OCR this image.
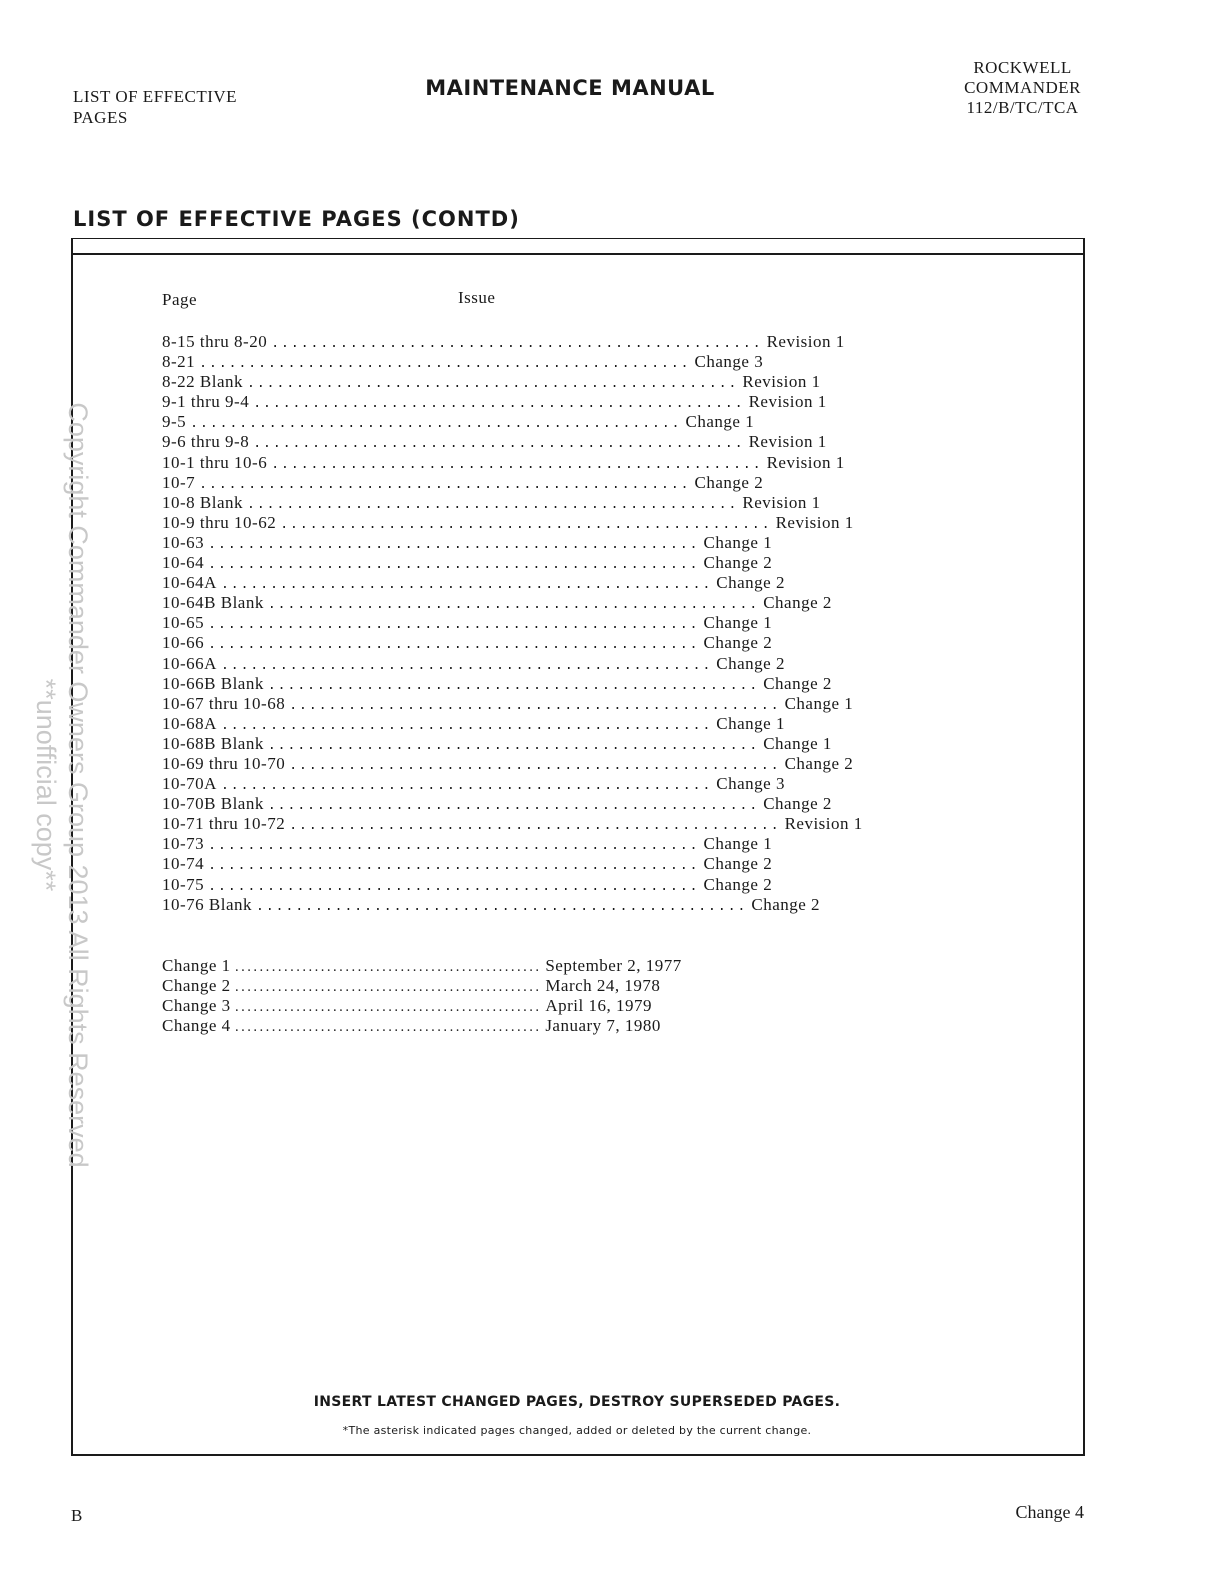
LIST OF EFFECTIVE
PAGES
MAINTENANCE MANUAL
ROCKWELL
COMMANDER
112/B/TC/TCA
LIST OF EFFECTIVE PAGES (CONTD)
Page	Issue
8-15 thru 8-20 .................................................. Revision 1
8-21 .................................................. Change 3
8-22 Blank .................................................. Revision 1
9-1 thru 9-4 .................................................. Revision 1
9-5 .................................................. Change 1
9-6 thru 9-8 .................................................. Revision 1
10-1 thru 10-6 .................................................. Revision 1
10-7 .................................................. Change 2
10-8 Blank .................................................. Revision 1
10-9 thru 10-62 .................................................. Revision 1
10-63 .................................................. Change 1
10-64 .................................................. Change 2
10-64A .................................................. Change 2
10-64B Blank .................................................. Change 2
10-65 .................................................. Change 1
10-66 .................................................. Change 2
10-66A .................................................. Change 2
10-66B Blank .................................................. Change 2
10-67 thru 10-68 .................................................. Change 1
10-68A .................................................. Change 1
10-68B Blank .................................................. Change 1
10-69 thru 10-70 .................................................. Change 2
10-70A .................................................. Change 3
10-70B Blank .................................................. Change 2
10-71 thru 10-72 .................................................. Revision 1
10-73 .................................................. Change 1
10-74 .................................................. Change 2
10-75 .................................................. Change 2
10-76 Blank .................................................. Change 2
Change 1 .................................................. September 2, 1977
Change 2 .................................................. March 24, 1978
Change 3 .................................................. April 16, 1979
Change 4 .................................................. January 7, 1980
INSERT LATEST CHANGED PAGES, DESTROY SUPERSEDED PAGES.
*The asterisk indicated pages changed, added or deleted by the current change.
B	Change 4
Copyright Commander Owners Group 2013 All Rights Reserved
**unofficial copy**
